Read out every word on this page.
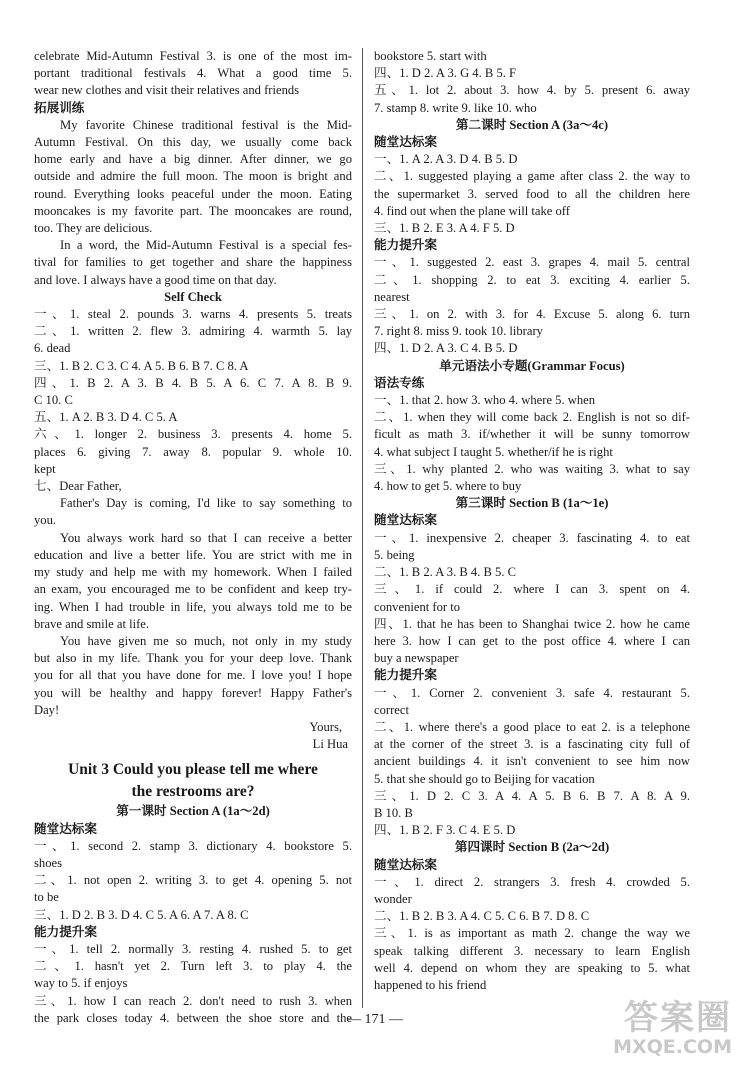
celebrate Mid-Autumn Festival 3. is one of the most im-
portant traditional festivals 4. What a good time 5.
wear new clothes and visit their relatives and friends
拓展训练
My favorite Chinese traditional festival is the Mid-
Autumn Festival. On this day, we usually come back
home early and have a big dinner. After dinner, we go
outside and admire the full moon. The moon is bright and
round. Everything looks peaceful under the moon. Eating
mooncakes is my favorite part. The mooncakes are round,
too. They are delicious.
In a word, the Mid-Autumn Festival is a special fes-
tival for families to get together and share the happiness
and love. I always have a good time on that day.
Self Check
一、1. steal 2. pounds 3. warns 4. presents 5. treats
二、1. written 2. flew 3. admiring 4. warmth 5. lay
6. dead
三、1. B 2. C 3. C 4. A 5. B 6. B 7. C 8. A
四、1. B 2. A 3. B 4. B 5. A 6. C 7. A 8. B 9.
C 10. C
五、1. A 2. B 3. D 4. C 5. A
六、1. longer 2. business 3. presents 4. home 5.
places 6. giving 7. away 8. popular 9. whole 10.
kept
七、Dear Father,
Father's Day is coming, I'd like to say something to
you.
You always work hard so that I can receive a better
education and live a better life. You are strict with me in
my study and help me with my homework. When I failed
an exam, you encouraged me to be confident and keep try-
ing. When I had trouble in life, you always told me to be
brave and smile at life.
You have given me so much, not only in my study
but also in my life. Thank you for your deep love. Thank
you for all that you have done for me. I love you! I hope
you will be healthy and happy forever! Happy Father's
Day!
Yours,
Li Hua
Unit 3 Could you please tell me where
the restrooms are?
第一课时 Section A (1a～2d)
随堂达标案
一、1. second 2. stamp 3. dictionary 4. bookstore 5.
shoes
二、1. not open 2. writing 3. to get 4. opening 5. not
to be
三、1. D 2. B 3. D 4. C 5. A 6. A 7. A 8. C
能力提升案
一、1. tell 2. normally 3. resting 4. rushed 5. to get
二、1. hasn't yet 2. Turn left 3. to play 4. the
way to 5. if enjoys
三、1. how I can reach 2. don't need to rush 3. when
the park closes today 4. between the shoe store and the
bookstore 5. start with
四、1. D 2. A 3. G 4. B 5. F
五、1. lot 2. about 3. how 4. by 5. present 6. away
7. stamp 8. write 9. like 10. who
第二课时 Section A (3a～4c)
随堂达标案
一、1. A 2. A 3. D 4. B 5. D
二、1. suggested playing a game after class 2. the way to
the supermarket 3. served food to all the children here
4. find out when the plane will take off
三、1. B 2. E 3. A 4. F 5. D
能力提升案
一、1. suggested 2. east 3. grapes 4. mail 5. central
二、1. shopping 2. to eat 3. exciting 4. earlier 5.
nearest
三、1. on 2. with 3. for 4. Excuse 5. along 6. turn
7. right 8. miss 9. took 10. library
四、1. D 2. A 3. C 4. B 5. D
单元语法小专题(Grammar Focus)
语法专练
一、1. that 2. how 3. who 4. where 5. when
二、1. when they will come back 2. English is not so dif-
ficult as math 3. if/whether it will be sunny tomorrow
4. what subject I taught 5. whether/if he is right
三、1. why planted 2. who was waiting 3. what to say
4. how to get 5. where to buy
第三课时 Section B (1a～1e)
随堂达标案
一、1. inexpensive 2. cheaper 3. fascinating 4. to eat
5. being
二、1. B 2. A 3. B 4. B 5. C
三、1. if could 2. where I can 3. spent on 4.
convenient for to
四、1. that he has been to Shanghai twice 2. how he came
here 3. how I can get to the post office 4. where I can
buy a newspaper
能力提升案
一、1. Corner 2. convenient 3. safe 4. restaurant 5.
correct
二、1. where there's a good place to eat 2. is a telephone
at the corner of the street 3. is a fascinating city full of
ancient buildings 4. it isn't convenient to see him now
5. that she should go to Beijing for vacation
三、1. D 2. C 3. A 4. A 5. B 6. B 7. A 8. A 9.
B 10. B
四、1. B 2. F 3. C 4. E 5. D
第四课时 Section B (2a～2d)
随堂达标案
一、1. direct 2. strangers 3. fresh 4. crowded 5.
wonder
二、1. B 2. B 3. A 4. C 5. C 6. B 7. D 8. C
三、1. is as important as math 2. change the way we
speak talking different 3. necessary to learn English
well 4. depend on whom they are speaking to 5. what
happened to his friend
— 171 —	答案圈
MXQE.COM
